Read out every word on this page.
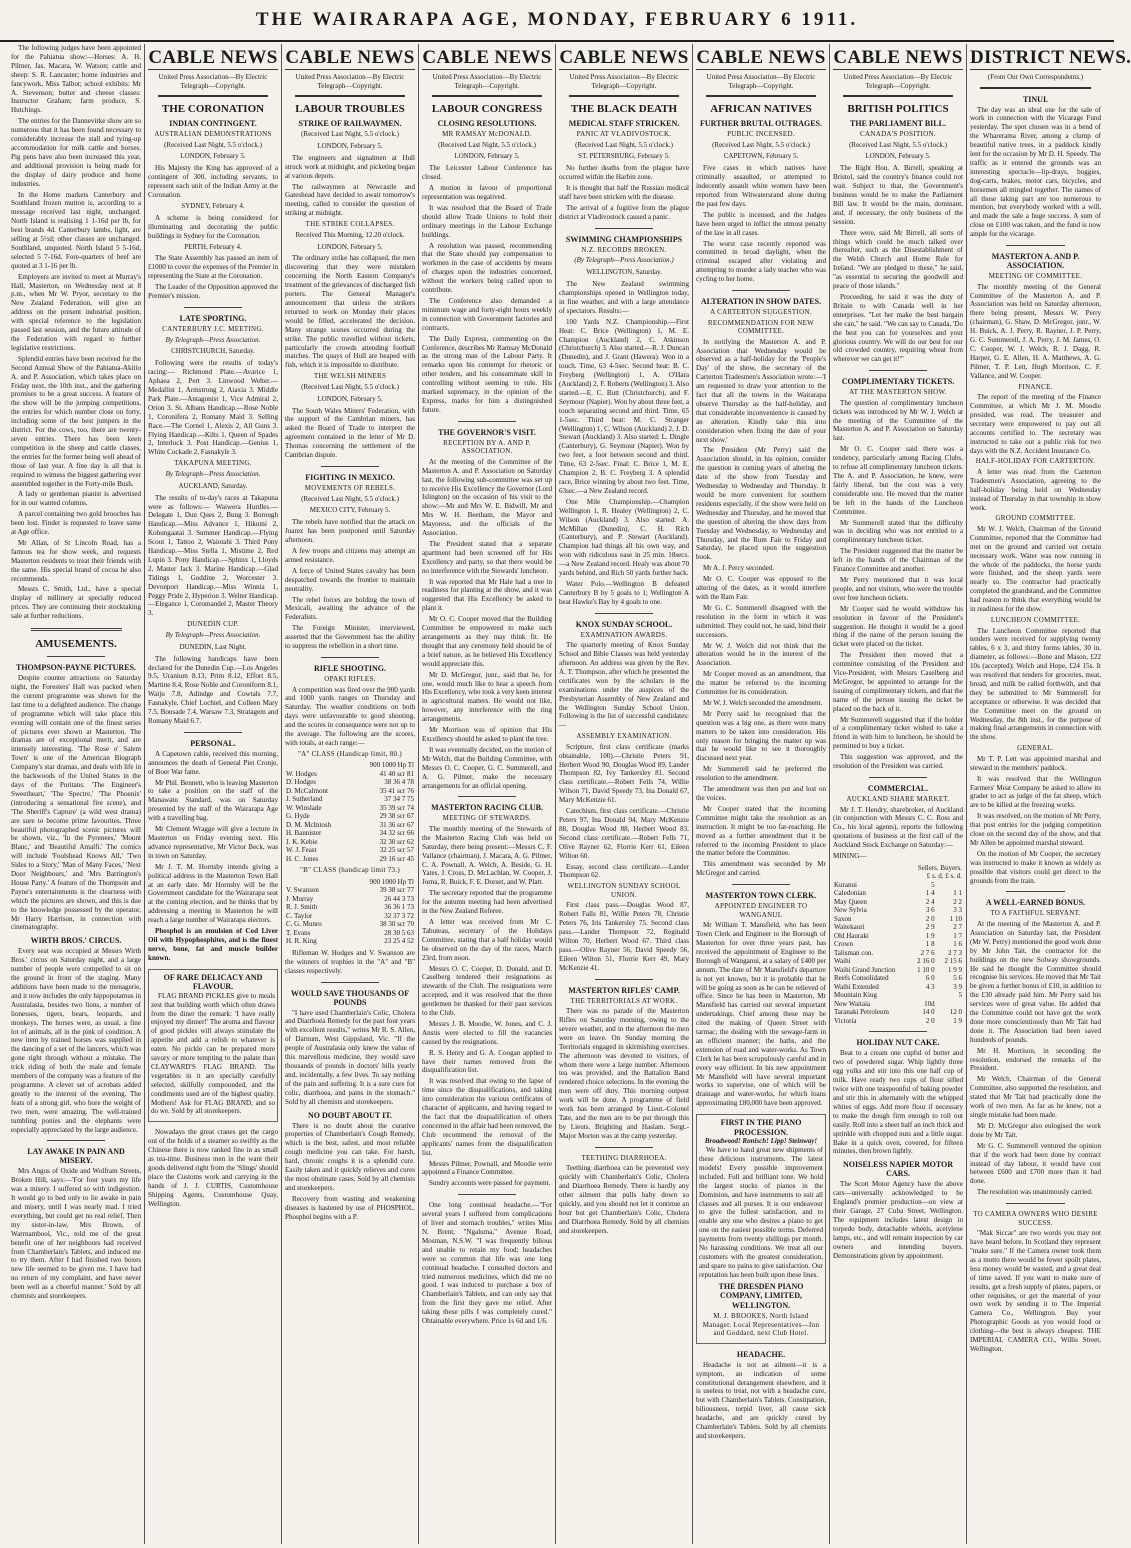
THE WAIRARAPA AGE, MONDAY, FEBRUARY 6 1911.

The following judges have been appointed for the Pahiatua show:—Horses: A. H. Pilmer, Jas. Macara, W. Watson; cattle and sheep: S. R. Lancaster; home industries and fancywork, Miss Talbot; school exhibits: Mr A. Stevenson; butter and cheese classes: Instructor Graham; farm produce, S. Hutchings.

The entries for the Dannevirke show are so numerous that it has been found necessary to considerably increase the stall and tying-up accommodation for milk cattle and horses. Pig pens have also been increased this year, and additional provision is being made for the display of dairy produce and home industries.

In the Home markets Canterbury and Southland frozen mutton is, according to a message received last night, unchanged. North Island is realising 1 1-16d per lb, for best brands 4d. Canterbury lambs, light, are selling at 5½d; other classes are unchanged. Southland, unquoted. North Island 5 5-16d, selected 5 7-16d. Fore-quarters of beef are quoted at 3 1-16 per lb.

Employers are invited to meet at Murray's Hall, Masterton, on Wednesday next at 8 p.m., when Mr W. Pryor, secretary to the New Zealand Federation, will give an address on the present industrial position, with special reference to the legislation passed last session, and the future attitude of the Federation with regard to further legislative restrictions.

Splendid entries have been received for the Second Annual Show of the Pahiatua-Akitio A. and P. Association, which takes place on Friday next, the 10th inst., and the gathering promises to be a great success. A feature of the show will be the jumping competitions, the entries for which number close on forty, including some of the best jumpers in the district. For the cows, too, there are twenty-seven entries. There has been keen competition in the sheep and cattle classes, the entries for the former being well ahead of those of last year. A fine day is all that is required to witness the biggest gathering ever assembled together in the Forty-mile Bush.

A lady or gentleman pianist is advertised for in our wanted columns.

A parcel containing two gold brooches has been lost. Finder is requested to leave same at Age office.

Mr Allan, of St Lincoln Road, has a famous tea for show week, and requests Masterton residents to treat their friends with the same. His special brand of cocoa he also recommends.

Messrs C. Smith, Ltd., have a special display of millinery at specially reduced prices. They are continuing their stocktaking sale at further reductions.

AMUSEMENTS.
THOMPSON-PAYNE PICTURES.

Despite counter attractions on Saturday night, the Foresters' Hall was packed when the current programme was shown for the last time to a delighted audience. The change of programme which will take place this evening will contain one of the finest series of pictures ever shown at Masterton. The dramas are of exceptional merit, and are intensely interesting. 'The Rose o' Salem Town' is one of the American Biograph Company's star dramas, and deals with life in the backwoods of the United States in the days of the Puritans. 'The Engineer's Sweetheart,' 'The Spectre,' 'The Phoenix' (introducing a sensational fire scene), and 'The Sheriff's Capture' (a wild west drama) are sure to become prime favourites. Three beautiful photographed scenic pictures will be shown, viz., 'In the Pyrenees,' 'Mount Blanc,' and 'Beautiful Amalfi.' The comics will include 'Foolshead Knows All,' 'Two Sides to a Story,' 'Man of Many Faces,' 'Next Door Neighbours,' and 'Mrs Barrington's House Party.' A feature of the Thompson and Payne's entertainments is the clearness with which the pictures are shown, and this is due to the knowledge possessed by the operator, Mr Harry Harrison, in connection with cinematography.

WIRTH BROS.' CIRCUS.

Every seat was occupied at Messrs Wirth Bros.' circus on Saturday night, and a large number of people were compelled to sit on the ground in front of the staging. Many additions have been made to the menagerie, and it now includes the only hippopotamus in Australasia, besides two lions, a number of lionesses, tigers, bears, leopards, and monkeys. The horses were, as usual, a fine lot of animals, all in the pink of condition. A new item by trained horses was supplied in the dancing of a set of the lancers, which was gone right through without a mistake. The trick riding of both the male and female members of the company was a feature of the programme. A clever set of acrobats added greatly to the interest of the evening. The feats of a strong girl, who bore the weight of two men, were amazing. The well-trained tumbling ponies and the elephants were especially appreciated by the large audience.

LAY AWAKE IN PAIN AND MISERY.

Mrs Angus of Oxide and Wolfram Streets, Broken Hill, says:—'For four years my life was a misery. I suffered so with indigestion. It would go to bed only to lie awake in pain and misery, until I was nearly mad. I tried everything, but could get no real relief. Then my sister-in-law, Mrs Brown, of Warrnambool, Vic., told me of the great benefit one of her neighbours had received from Chamberlain's Tablets, and induced me to try them. After I had finished two boxes new life seemed to be given me. I have had no return of my complaint, and have never been well as a cheerful manner.' Sold by all chemists and storekeepers.

CABLE NEWS
United Press Association—By Electric Telegraph—Copyright.
THE CORONATION
INDIAN CONTINGENT.
AUSTRALIAN DEMONSTRATIONS
(Received Last Night, 5.5 o'clock.)
LONDON, February 5.

His Majesty the King has approved of a contingent of 300, including servants, to represent each unit of the Indian Army at the Coronation.

SYDNEY, February 4.

A scheme is being considered for illuminating and decorating the public buildings in Sydney for the Coronation.

PERTH, February 4.

The State Assembly has passed an item of £1000 to cover the expenses of the Premier in representing the State at the Coronation.

The Leader of the Opposition approved the Premier's mission.

LATE SPORTING.
CANTERBURY J.C. MEETING.
By Telegraph—Press Association.
CHRISTCHURCH, Saturday.

Following were the results of today's racing:— Richmond Plate.—Avarice 1, Aphaea 2, Pert 3. Linwood Welter.—Medallist 1, Armstrong 2, Aiaxia 3. Middle Park Plate.—Antagonist 1, Vice Admiral 2, Orion 3. St. Albans Handicap.—Rose Noble 1, Coronifera 2, Romany Maid 3. Selling Race.—The Cornel 1, Alexis 2, All Guns 3. Flying Handicap.—Kilts 1, Queen of Spades 2, Interlock 3. Post Handicap.—Genius 1, White Cockade 2, Fasnakyle 3.

TAKAPUNA MEETING.
By Telegraph—Press Association.
AUCKLAND, Saturday.

The results of to-day's races at Takapuna were as follows:— Waiwera Hurdles.—Delegate 1, Dun Ques 2, Bung 3. Borough Handicap.—Miss Advance 1, Hikumi 2, Kohungaatai 3. Summer Handicap.—Flying Scout 1, Tattoo 2, Waiotahi 3. Third Pony Handicap.—Miss Stella 1, Mistime 2, Red Lupin 3. Pony Handicap.—Sphinx 1, Lloyds 2, Master Jack 3. Marine Handicap.—Glad Tidings 1, Goddine 2, Worcester 3. Devonport Handicap.—Miss Winnia 1, Peggy Pride 2, Hyperion 3. Welter Handicap.—Elegance 1, Coromandel 2, Master Theory 3.

DUNEDIN CUP.
By Telegraph—Press Association.
DUNEDIN, Last Night.

The following handicaps have been declared for the Dunedin Cup.—Los Angeles 9.5, Uranium 8.13, Prim 8.12, Effort 8.5, Martine 8.4, Rose Noble and Coroniform 8.1, Waiju 7.8, Adindge and Cowtals 7.7, Fasnakyle, Chief Lochiel, and Colleen Mary 7.5, Bonsade 7.4, Warsaw 7.3, Stratagem and Romany Maid 6.7.

PERSONAL.

A Capetown cable, received this morning, announces the death of General Piet Cronje, of Boer War fame.

Mr Phil. Bennett, who is leaving Masterton to take a position on the staff of the Manawatu Standard, was on Saturday presented by the staff of the Wairarapa Age with a travelling bag.

Mr Clement Wragge will give a lecture in Masterton on Friday evening next. His advance representative, Mr Victor Beck, was in town on Saturday.

Mr J. T. M. Hornsby intends giving a political address in the Masterton Town Hall at an early date. Mr Hornsby will be the Government candidate for the Wairarapa seat at the coming election, and he thinks that by addressing a meeting in Masterton he will reach a large number of Wairarapa electors.

Phosphol is an emulsion of Cod Liver Oil with Hypophosphites, and is the finest nerve, bone, fat and muscle builder known.

OF RARE DELICACY AND FLAVOUR.

FLAG BRAND PICKLES give to meals zest that building worth which often draws from the diner the remark: 'I have really enjoyed my dinner!' The aroma and flavour of good pickles will always stimulate the appetite and add a relish to whatever is eaten. No pickle can be prepared more savory or more tempting to the palate than CLAYWARD'S FLAG BRAND. The vegetables in it are specially carefully selected, skilfully compounded, and the condiments used are of the highest quality. Mothers! Ask for FLAG BRAND, and so do we. Sold by all storekeepers.

Nowadays the great cranes get the cargo out of the holds of a steamer so swiftly as the Chinese there is now ranked fine in as small as tea-time. Business men in the want their goods delivered right from the 'Slings' should place the Customs work and carrying in the hands of J. J. CURTIS, Customhouse Shipping Agents, Customhouse Quay, Wellington.

CABLE NEWS
United Press Association—By Electric Telegraph—Copyright.
LABOUR TROUBLES
STRIKE OF RAILWAYMEN.
(Received Last Night, 5.5 o'clock.)
LONDON, February 5.

The engineers and signalmen at Hull struck work at midnight, and picketing began at various depots.

The railwaymen at Newcastle and Gateshead have decided to await tomorrow's meeting, called to consider the question of striking at midnight.

THE STRIKE COLLAPSES.
Received This Morning, 12.20 o'clock.
LONDON, February 5.

The ordinary strike has collapsed, the men discovering that they were mistaken concerning the North Eastern Company's treatment of the grievances of discharged fish porters. The General Manager's announcement that unless the strikers returned to work on Monday their places would be filled, accelerated the decision. Many strange scenes occurred during the strike. The public travelled without tickets, particularly the crowds attending football matches. The quays of Hull are heaped with fish, which it is impossible to distribute.

THE WELSH MINERS
(Received Last Night, 5.5 o'clock.)
LONDON, February 5.

The South Wales Miners' Federation, with the support of the Cambrian miners, has asked the Board of Trade to interpret the agreement contained in the letter of Mr D. Thomas concerning the settlement of the Cambrian dispute.

FIGHTING IN MEXICO.
MOVEMENTS OF REBELS.
(Received Last Night, 5.5 o'clock.)
MEXICO CITY, February 5.

The rebels have notified that the attack on Juarez has been postponed until Saturday afternoon.

A few troops and citizens may attempt an armed resistance.

A force of United States cavalry has been despatched towards the frontier to maintain neutrality.

The rebel forces are holding the town of Mexicali, awaiting the advance of the Federalists.

The Foreign Minister, interviewed, asserted that the Government has the ability to suppress the rebellion in a short time.

RIFLE SHOOTING.
OPAKI RIFLES.

A competition was fired over the 900 yards and 1000 yards ranges on Thursday and Saturday. The weather conditions on both days were unfavourable to good shooting, and the scores in consequence were not up to the average. The following are the scores, with totals, at each range:—

"A" CLASS (Handicap limit, 80.)
	900 1000 Hp Tl
W. Hodges	41 40 scr 81
D. Hodges	38 36 4 78
D. McCalmont	35 41 scr 76
J. Sutherland	37 34 7 75
W. Winslade	35 39 scr 74
G. Hyde	29 38 scr 67
D. M. McIntosh	31 36 scr 67
H. Bannister	34 32 scr 66
J. K. Kebie	32 30 scr 62
W. J. Feast	32 25 scr 57
H. C. Jones	29 16 scr 45
"B" CLASS (handicap limit 73.)
	900 1000 Hp Tl
V. Swanson	39 38 scr 77
J. Murray	26 44 3 73
R. J. Smith	36 36 1 73
C. Taylor	32 37 3 72
C. G. Munro	38 30 scr 70
T. Evans	28 30 5 63
H. R. King	23 25 4 52

Rifleman W. Hodges and V. Swanson are the winners of trophies in the "A" and "B" classes respectively.

WOULD SAVE THOUSANDS OF POUNDS

"I have used Chamberlain's Colic, Cholera and Diarrhoea Remedy for the past four years with excellent results," writes Mr R. S. Allen, of Darnum, West Gippsland, Vic. "If the people of Australasia only knew the value of this marvellous medicine, they would save thousands of pounds in doctors' bills yearly and, incidentally, a few lives. To say nothing of the pain and suffering. It is a sure cure for colic, diarrhoea, and pains in the stomach." Sold by all chemists and storekeepers.

NO DOUBT ABOUT IT.

There is no doubt about the curative properties of Chamberlain's Cough Remedy, which is the best, safest, and most reliable cough medicine you can take. For harsh, hard, chronic coughs it is a splendid cure. Easily taken and it quickly relieves and cures the most obstinate cases. Sold by all chemists and storekeepers.

Recovery from wasting and weakening diseases is hastened by use of PHOSPHOL. Phosphol begins with a P.

CABLE NEWS
United Press Association—By Electric Telegraph—Copyright.
LABOUR CONGRESS
CLOSING RESOLUTIONS.
MR RAMSAY McDONALD.
(Received Last Night, 5.5 o'clock.)
LONDON, February 5.

The Leicester Labour Conference has closed.

A motion in favour of proportional representation was negatived.

It was resolved that the Board of Trade should allow Trade Unions to hold their ordinary meetings in the Labour Exchange buildings.

A resolution was passed, recommending that the State should pay compensation to workmen in the case of accidents by means of charges upon the industries concerned, without the workers being called upon to contribute.

The Conference also demanded a minimum wage and forty-eight hours weekly in connection with Government factories and contracts.

The Daily Express, commenting on the Conference, describes Mr Ramsay McDonald as the strong man of the Labour Party. It remarks upon his contempt for rhetoric or other tenders, and his consummate skill in controlling without seeming to rule. His marked supremacy, in the opinion of the Express, marks for him a distinguished future.

THE GOVERNOR'S VISIT.
RECEPTION BY A. AND P. ASSOCIATION.

At the meeting of the Committee of the Masterton A. and P. Association on Saturday last, the following sub-committee was set up to receive His Excellency the Governor (Lord Islington) on the occasion of his visit to the show:—Mr and Mrs W. E. Bidwill, Mr and Mrs W. H. Beetham, the Mayor and Mayoress, and the officials of the Association.

The President stated that a separate apartment had been screened off for His Excellency and party, so that there would be no interference with the Stewards' luncheon.

It was reported that Mr Hale had a tree in readiness for planting at the show, and it was suggested that His Excellency be asked to plant it.

Mr O. C. Cooper moved that the Building Committee be empowered to make such arrangements as they may think fit. He thought that any ceremony held should be of a brief nature, as he believed His Excellency would appreciate this.

Mr D. McGregor, junr., said that he, for one, would much like to hear a speech from His Excellency, who took a very keen interest in agricultural matters. He would not like, however, any interference with the ring arrangements.

Mr Morrison was of opinion that His Excellency should be asked to plant the tree.

It was eventually decided, on the motion of Mr Welch, that the Building Committee, with Messrs O. C. Cooper, G. C. Summerell, and A. G. Pilmer, make the necessary arrangements for an official opening.

MASTERTON RACING CLUB.
MEETING OF STEWARDS.

The monthly meeting of the Stewards of the Masterton Racing Club was held on Saturday, there being present:—Messrs C. F. Vallance (chairman), J. Macara, A. G. Pilmer, C. A. Pownall, A. Welch, A. Beside, G. H. Yates, J. Cross, D. McLachlan, W. Cooper, J. Jorna, R. Buick, F. E. Dorset, and W. Platt.

The secretary reported that the programme for the autumn meeting had been advertised in the New Zealand Referee.

A letter was received from Mr C. Tabuteau, secretary of the Holidays Committee, stating that a half holiday would be observed on the day of the races, March 23rd, from noon.

Messrs O. C. Cooper, D. Donald, and D. Caselberg tendered their resignations as stewards of the Club. The resignations were accepted, and it was resolved that the three gentlemen be thanked for their past services to the Club.

Messrs J. B. Moodie, W. Jones, and C. J. Anstis were elected to fill the vacancies caused by the resignations.

R. S. Henry and G. A. Coogan applied to have their names removed from the disqualification list.

It was resolved that owing to the lapse of time since the disqualifications, and taking into consideration the various certificates of character of applicants, and having regard to the fact that the disqualification of others concerned in the affair had been removed, the Club recommend the removal of the applicants' names from the disqualification list.

Messrs Pilmer, Pownall, and Moodie were appointed a Finance Committee.

Sundry accounts were passed for payment.

One long continual headache.—"For several years I suffered from complications of liver and stomach troubles," writes Miss N. Brent, "Ngaluma," Avenue Road, Mosman, N.S.W. "I was frequently bilious and unable to retain my food; headaches were so common that life was one long continual headache. I consulted doctors and tried numerous medicines, which did me no good. I was induced to purchase a box of Chamberlain's Tablets, and can only say that from the first they gave me relief. After taking these pills I was completely cured." Obtainable everywhere. Price 1s 6d and 1/6.

CABLE NEWS
United Press Association—By Electric Telegraph—Copyright.
THE BLACK DEATH
MEDICAL STAFF STRICKEN.
PANIC AT VLADIVOSTOCK.
(Received Last Night, 5.5 o'clock.)
ST. PETERSBURG, February 5.

No further deaths from the plague have occurred within the Harbin zone.

It is thought that half the Russian medical staff have been stricken with the disease.

The arrival of a fugitive from the plague district at Vladivostock caused a panic.

SWIMMING CHAMPIONSHIPS
N.Z. RECORDS BROKEN.
(By Telegraph—Press Association.)
WELLINGTON, Saturday.

The New Zealand swimming championships opened in Wellington today, in fine weather, and with a large attendance of spectators. Results:—

100 Yards N.Z. Championship.—First Heat: C. Brice (Wellington) 1, M. E. Champion (Auckland) 2, C. Atkinson (Christchurch) 3. Also started.—R. J. Duncan (Dunedin), and J. Grant (Hawera). Won in a touch. Time, 63 4-5sec. Second heat: B. C. Freyberg (Wellington) 1, A. O'Hara (Auckland) 2, F. Roberts (Wellington) 3. Also started.—E. C. Butt (Christchurch), and F. Seymour (Napier). Won by about three feet, a touch separating second and third. Time, 65 1-5sec. Third heat: M. C. Stranger (Wellington) 1, C. Wilson (Auckland) 2, J. D. Stewart (Auckland) 3. Also started: L. Dingle (Canterbury), G. Seymour (Napier). Won by two feet, a foot between second and third. Time, 63 2-5sec. Final: C. Brice 1, M. E. Champion 2, B. C. Freyberg 3. A splendid race, Brice winning by about two feet. Time, 63sec.—a New Zealand record.

One Mile Championship.—Champion Wellington 1, R. Healey (Wellington) 2, C. Wilson (Auckland) 3. Also started: A. McMillan (Dunedin), C. H. Rich (Canterbury), and P. Stewart (Auckland). Champion had things all his own way, and won with ridiculous ease in 25 min. 18secs.—a New Zealand record. Healy was about 70 yards behind, and Rich 50 yards further back.

Water Polo.—Wellington B defeated Canterbury B by 5 goals to 1; Wellington A beat Hawke's Bay by 4 goals to one.

KNOX SUNDAY SCHOOL.
EXAMINATION AWARDS.

The quarterly meeting of Knox Sunday School and Bible Classes was held yesterday afternoon. An address was given by the Rev. A. T. Thompson, after which he presented the certificates won by the scholars in the examinations under the auspices of the Presbyterian Assembly of New Zealand and the Wellington Sunday School Union. Following is the list of successful candidates:—

ASSEMBLY EXAMINATION.

Scripture, first class certificate (marks obtainable, 100).—Christie Peters 91, Herbert Wood 90, Douglas Wood 89, Lander Thompson 82, Ivy Tankersley 81. Second class certificate.—Robert Fells 74, Willie Wilson 71, David Speedy 73, Ina Donald 67, Mary McKenzie 61.

Catechism, first class certificate.—Christie Peters 97, Ina Donald 94, Mary McKenzie 88, Douglas Wood 88, Herbert Wood 83. Second class certificate.—Robert Fells 71, Olive Rayner 62, Florrie Kerr 61, Eileen Wilton 60.

Essay, second class certificate.—Lander Thompson 62.

WELLINGTON SUNDAY SCHOOL UNION.

First class pass.—Douglas Wood 87, Robert Falls 81, Willie Peters 78, Christie Peters 76, Iris Tankersley 75. Second class pass.—Lander Thompson 72, Reginald Wilton 70, Herbert Wood 67. Third class pass.—Olive Rayner 56, David Speedy 56, Eileen Wilton 51, Florrie Kerr 49, Mary McKenzie 41.

MASTERTON RIFLES' CAMP.
THE TERRITORIALS AT WORK.

There was no parade of the Masterton Rifles on Saturday morning, owing to the severe weather, and in the afternoon the men were on leave. On Sunday morning the Territorials engaged in skirmishing exercises. The afternoon was devoted to visitors, of whom there were a large number. Afternoon tea was provided, and the Battalion Band rendered choice selections. In the evening the men were off duty. This morning outpost work will be done. A programme of field work has been arranged by Lieut.-Colonel Tate, and the men are to be put through this by Lieuts. Brighting and Haslam. Sergt.-Major Morton was at the camp yesterday.

TEETHING DIARRHOEA.

Teething diarrhoea can be prevented very quickly with Chamberlain's Colic, Cholera and Diarrhoea Remedy. There is hardly any other ailment that pulls baby down so quickly, and you should not let it continue an hour but get Chamberlain's Colic, Cholera and Diarrhoea Remedy. Sold by all chemists and storekeepers.

CABLE NEWS
United Press Association—By Electric Telegraph—Copyright.
AFRICAN NATIVES
FURTHER BRUTAL OUTRAGES.
PUBLIC INCENSED.
(Received Last Night, 5.5 o'clock.)
CAPETOWN, February 5.

Five cases in which natives have criminally assaulted, or attempted to indecently assault white women have been reported from Witwatersrand alone during the past few days.

The public is incensed, and the Judges have been urged to inflict the utmost penalty of the law in all cases.

The worst case recently reported was committed in broad daylight, when the criminal escaped after violating and attempting to murder a lady teacher who was cycling to her home.

ALTERATION IN SHOW DATES.
A CARTERTON SUGGESTION.
RECOMMENDATION FOR NEW COMMITTEE.

In notifying the Masterton A. and P. Association that Wednesday would be observed as a half-holiday for the 'People's Day' of the show, the secretary of the Carterton Tradesmen's Association wrote:—'I am requested to draw your attention to the fact that all the towns in the Wairarapa observe Thursday as the half-holiday, and that considerable inconvenience is caused by an alteration. Kindly take this into consideration when fixing the date of your next show.'

The President (Mr Perry) said the Association should, in his opinion, consider the question in coming years of altering the date of the show from Tuesday and Wednesday to Wednesday and Thursday. It would be more convenient for southern residents especially, if the show were held on Wednesday and Thursday, and he moved that the question of altering the show days from Tuesday and Wednesday, to Wednesday and Thursday, and the Rum Fair to Friday and Saturday, be placed upon the suggestion book.

Mr A. J. Percy seconded.

Mr O. C. Cooper was opposed to the altering of the dates, as it would interfere with the Ram Fair.

Mr G. C. Summerell disagreed with the resolution in the form in which it was submitted. They could not, he said, bind their successors.

Mr W. J. Welch did not think that the alteration would be in the interest of the Association.

Mr Cooper moved as an amendment, that the matter be referred to the incoming Committee for its consideration.

Mr W. J. Welch seconded the amendment.

Mr Perry said he recognised that the question was a big one, as there were many matters to be taken into consideration. His only reason for bringing the matter up was that he would like to see it thoroughly discussed next year.

Mr Summerell said he preferred the resolution to the amendment.

The amendment was then put and lost on the voices.

Mr Cooper stated that the incoming Committee might take the resolution as an instruction. It might be too far-reaching. He moved as a further amendment that it be referred to the incoming President to place the matter before the Committee.

This amendment was seconded by Mr McGregor and carried.

MASTERTON TOWN CLERK.
APPOINTED ENGINEER TO WANGANUI.

Mr William T. Mansfield, who has been Town Clerk and Engineer to the Borough of Masterton for over three years past, has received the appointment of Engineer to the Borough of Wanganui, at a salary of £400 per annum. The date of Mr Mansfield's departure is not yet known, but it is probable that he will be going as soon as he can be relieved of office. Since he has been in Masterton, Mr Mansfield has carried out several important undertakings. Chief among these may be cited the making of Queen Street with tarmac; the dealing with the sewage-farm in an efficient manner; the baths, and the extension of road and water-works. As Town Clerk he has been scrupulously careful and in every way efficient. In his new appointment Mr Mansfield will have several important works to supervise, one of which will be drainage and water-works, for which loans approximating £80,000 have been approved.

FIRST IN THE PIANO PROCESSION.
Broadwood! Ronisch! Lipp! Steinway!

We have to hand great new shipments of these delicious instruments. The latest models! Every possible improvement included. Full and brilliant tone. We hold the largest stocks of pianos in the Dominion, and have instruments to suit all classes and all purses. It is our endeavour to give the fullest satisfaction, and to enable any one who desires a piano to get one on the easiest possible terms. Deferred payments from twenty shillings per month. No harassing conditions. We treat all our customers with the greatest consideration, and spare no pains to give satisfaction. Our reputation has been built upon these lines.

THE DRESDEN PIANO COMPANY, LIMITED, WELLINGTON.
M. J. BROOKES, North Island Manager. Local Representatives—Inn and Goddard, next Club Hotel.
HEADACHE.

Headache is not an ailment—it is a symptom, an indication of some constitutional derangement elsewhere, and it is useless to treat, not with a headache cure, but with Chamberlain's Tablets. Constipation, biliousness, torpid liver, all cause sick headache, and are quickly cured by Chamberlain's Tablets. Sold by all chemists and storekeepers.

CABLE NEWS
United Press Association—By Electric Telegraph—Copyright.
BRITISH POLITICS
THE PARLIAMENT BILL.
CANADA'S POSITION.
(Received Last Night, 5.5 o'clock.)
LONDON, February 5.

The Right Hon. A. Birrell, speaking at Bristol, said the country's finance could not wait. Subject to that, the Government's business would be to make the Parliament Bill law. It would be the main, dominant, and, if necessary, the only business of the session.

There were, said Mr Birrell, all sorts of things which could be much talked over thereafter, such as the Disestablishment of the Welsh Church and Home Rule for Ireland. "We are pledged to these," he said, "as essential to securing the goodwill and peace of those islands."

Proceeding, he said it was the duty of Britain to with Canada well in her enterprises. "Let her make the best bargain she can," he said. "We can say to Canada, 'Do the best you can for yourselves and your glorious country. We will do our best for our old crowded country, requiring wheat from wherever we can get it!'"

COMPLIMENTARY TICKETS.
AT THE MASTERTON SHOW.

The question of complimentary luncheon tickets was introduced by Mr W. J. Welch at the meeting of the Committee of the Masterton A. and P. Association on Saturday last.

Mr O. C. Cooper said there was a tendency, particularly among Racing Clubs, to refuse all complimentary luncheon tickets. The A. and P. Association, he knew, were fairly liberal, but the cost was a very considerable one. He moved that the matter be left in the hands of the Luncheon Committee.

Mr Summerell stated that the difficulty was in deciding who was not entitled to a complimentary luncheon ticket.

The President suggested that the matter be left in the hands of the Chairman of the Finance Committee and another.

Mr Perry mentioned that it was local people, and not visitors, who were the trouble over free luncheon tickets.

Mr Cooper said he would withdraw his resolution in favour of the President's suggestion. He thought it would be a good thing if the name of the person issuing the ticket were placed on the ticket.

The President then moved that a committee consisting of the President and Vice-President, with Messrs Caselberg and McGregor, be appointed to arrange for the issuing of complimentary tickets, and that the name of the person issuing the ticket be placed on the back of it.

Mr Summerell suggested that if the holder of a complimentary ticket wished to take a friend in with him to luncheon, he should be permitted to buy a ticket.

This suggestion was approved, and the resolution of the President was carried.

COMMERCIAL.
AUCKLAND SHARE MARKET.

Mr J. T. Hendry, sharebroker, of Auckland (in conjunction with Messrs C. C. Ross and Co., his local agents), reports the following quotations of business at the first call of the Auckland Stock Exchange on Saturday:—

MINING—
	Sellers. Buyers.	
	£ s. d. £ s. d.	
Kuranui	5	
Caledonian	1 4	1 1
May Queen	2 4	2 2
New Sylvia	3 6	3 3
Saxon	2 0	1 10
Waitekauri	2 9	2 7
Old Hauraki	1 9	1 7
Crown	1 8	1 6
Talisman con.	2 7 6	2 7 3
Waihi	2 16 0	2 15 6
Waihi Grand Junction	1 10 0	1 9 9
Reefs Consolidated	6 0	5 6
Waihi Extended	4 3	3 9
Mountain King		5
New Waitaia	10d	
Taranaki Petroleum	14 0	12 0
Victoria	2 0	1 9
HOLIDAY NUT CAKE.

Beat to a cream one cupful of butter and two of powdered sugar. Whip lightly three egg yolks and stir into this one half cup of milk. Have ready two cups of flour sifted twice with one teaspoonful of baking powder and stir this in alternately with the whipped whites of eggs. Add more flour if necessary to make the dough firm enough to roll out easily. Roll into a sheet half an inch thick and sprinkle with chopped nuts and a little sugar. Bake in a quick oven, covered, for fifteen minutes, then brown lightly.

NOISELESS NAPIER MOTOR CARS.

The Scott Motor Agency have the above cars—universally acknowledged to be England's premier production—on view at their Garage, 27 Cuba Street, Wellington. The equipment includes latest design in torpedo body, detachable wheels, acetylene lamps, etc., and will remain inspection by car owners and intending buyers. Demonstrations given by appointment.

DISTRICT NEWS.
(From Our Own Correspondents.)
TINUI.

The day was an ideal one for the sale of work in connection with the Vicarage Fund yesterday. The spot chosen was in a bend of the Wharerama River, among a clump of beautiful native trees, in a paddock kindly lent for the occasion by Mr D. H. Speedy. The traffic as it entered the grounds was an interesting spectacle—lip-drays, buggies, dog-carts, brakes, motor cars, bicycles, and horsemen all mingled together. The names of all those taking part are too numerous to mention, but everybody worked with a will, and made the sale a huge success. A sum of close on £100 was taken, and the fund is now ample for the vicarage.

MASTERTON A. AND P. ASSOCIATION.
MEETING OF COMMITTEE.

The monthly meeting of the General Committee of the Masterton A. and P. Association was held on Saturday afternoon, there being present, Messrs W. Perry (chairman), G. Shaw, D. McGregor, junr., W. H. Buick, A. J. Perry, R. Rayner, J. P. Perry, G. C. Summerell, J. A. Perry, J. M. James, O. C. Cooper, W. J. Welch, R. J. Dagg, R. Harper, G. E. Allen, H. A. Matthews, A. G. Pilmer, T. P. Lett, Hugh Morrison, C. F. Vallance, and W. Cooper.

FINANCE.

The report of the meeting of the Finance Committee, at which Mr J. M. Moodie presided, was read. The treasurer and secretary were empowered to pay out all accounts certified to. The secretary was instructed to take out a public risk for two days with the N.Z. Accident Insurance Co.

HALF-HOLIDAY FOR CARTERTON.

A letter was read from the Carterton Tradesmen's Association, agreeing to the half-holiday being held on Wednesday instead of Thursday in that township in show week.

GROUND COMMITTEE.

Mr W. J. Welch, Chairman of the Ground Committee, reported that the Committee had met on the ground and carried out certain necessary work. Water was now running in the whole of the paddocks, the horse yards were finished, and the sheep yards were nearly so. The contractor had practically completed the grandstand, and the Committee had reason to think that everything would be in readiness for the show.

LUNCHEON COMMITTEE.

The Luncheon Committee reported that tenders were received for supplying twenty tables, 6 x 3, and thirty forms tables, 30 in. diameter, as follows:—Bone and Mason, £22 10s (accepted); Welch and Hope, £24 15s. It was resolved that tenders for groceries, meat, bread, and milk be called forthwith, and that they be submitted to Mr Summerell for acceptance or otherwise. It was decided that the Committee meet on the ground on Wednesday, the 8th inst., for the purpose of making final arrangements in connection with the show.

GENERAL.

Mr T. P. Lett was appointed marshal and steward in the members' paddock.

It was resolved that the Wellington Farmers' Meat Company be asked to allow its grader to act as judge of the fat sheep, which are to be killed at the freezing works.

It was resolved, on the motion of Mr Perry, that post entries for the judging competition close on the second day of the show, and that Mr Allen be appointed marshal steward.

On the motion of Mr Cooper, the secretary was instructed to make it known as widely as possible that visitors could get direct to the grounds from the train.

A WELL-EARNED BONUS.
TO A FAITHFUL SERVANT.

At the meeting of the Masterton A. and P. Association on Saturday last, the President (Mr W. Perry) mentioned the good work done by Mr John Tait, the contractor for the buildings on the new Solway showgrounds. He said he thought the Committee should recognise his services. He moved that Mr Tait be given a further bonus of £10, in addition to the £30 already paid him. Mr Perry said his services were of great value. He added that the Committee could not have got the work done more conscientiously than Mr Tait had done it. The Association had been saved hundreds of pounds.

Mr H. Morrison, in seconding the resolution, endorsed the remarks of the President.

Mr Welch, Chairman of the General Committee, also supported the resolution, and stated that Mr Tait had practically done the work of two men. As far as he knew, not a single mistake had been made.

Mr D. McGregor also eulogised the work done by Mr Tait.

Mr G. C. Summerell ventured the opinion that if the work had been done by contract instead of day labour, it would have cost between £600 and £700 more than it had done.

The resolution was unanimously carried.

TO CAMERA OWNERS WHO DESIRE SUCCESS.

"Mak Siccar" are two words you may not have heard before. In Scotland they represent "make sure." If the Camera owner took them as a motto there would be fewer spoilt plates, less money would be wasted, and a great deal of time saved. If you want to make sure of results, get a fresh supply of plates, papers, or other requisites, or get the material of your own work by sending it to The Imperial Camera Co., Wellington. Buy your Photographic Goods as you would food or clothing—the best is always cheapest. THE IMPERIAL CAMERA CO., Willis Street, Wellington.
